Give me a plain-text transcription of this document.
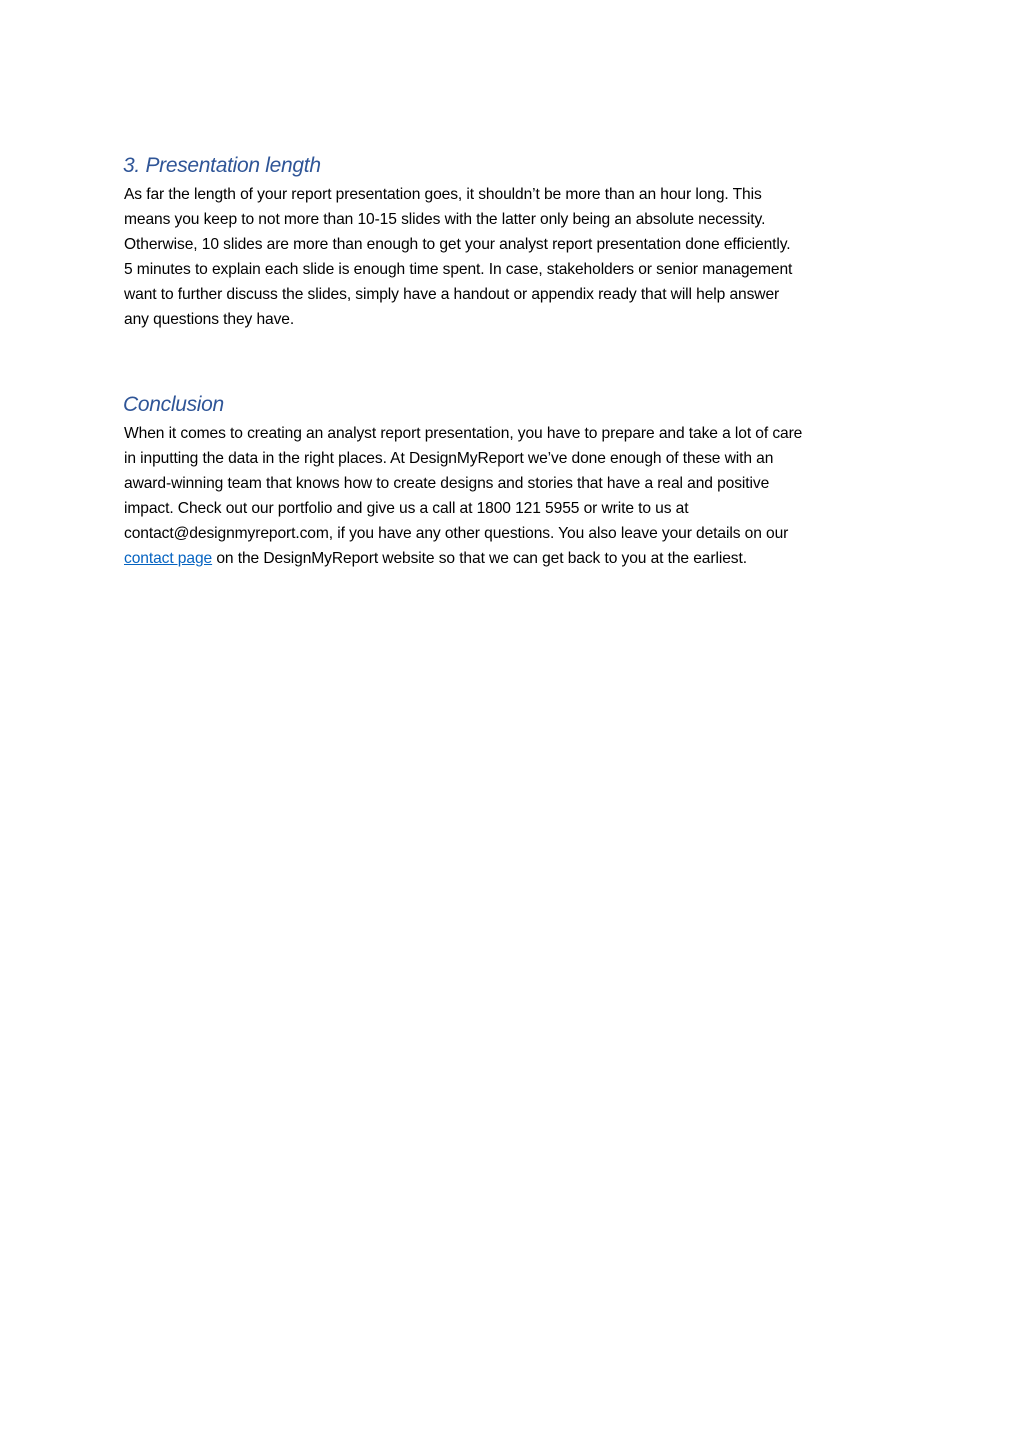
3. Presentation length

As far the length of your report presentation goes, it shouldn’t be more than an hour long. This
means you keep to not more than 10-15 slides with the latter only being an absolute necessity.
Otherwise, 10 slides are more than enough to get your analyst report presentation done efficiently.
5 minutes to explain each slide is enough time spent. In case, stakeholders or senior management
want to further discuss the slides, simply have a handout or appendix ready that will help answer
any questions they have.

Conclusion

When it comes to creating an analyst report presentation, you have to prepare and take a lot of care
in inputting the data in the right places. At DesignMyReport we’ve done enough of these with an
award-winning team that knows how to create designs and stories that have a real and positive
impact. Check out our portfolio and give us a call at 1800 121 5955 or write to us at
contact@designmyreport.com, if you have any other questions. You also leave your details on our
contact page on the DesignMyReport website so that we can get back to you at the earliest.
